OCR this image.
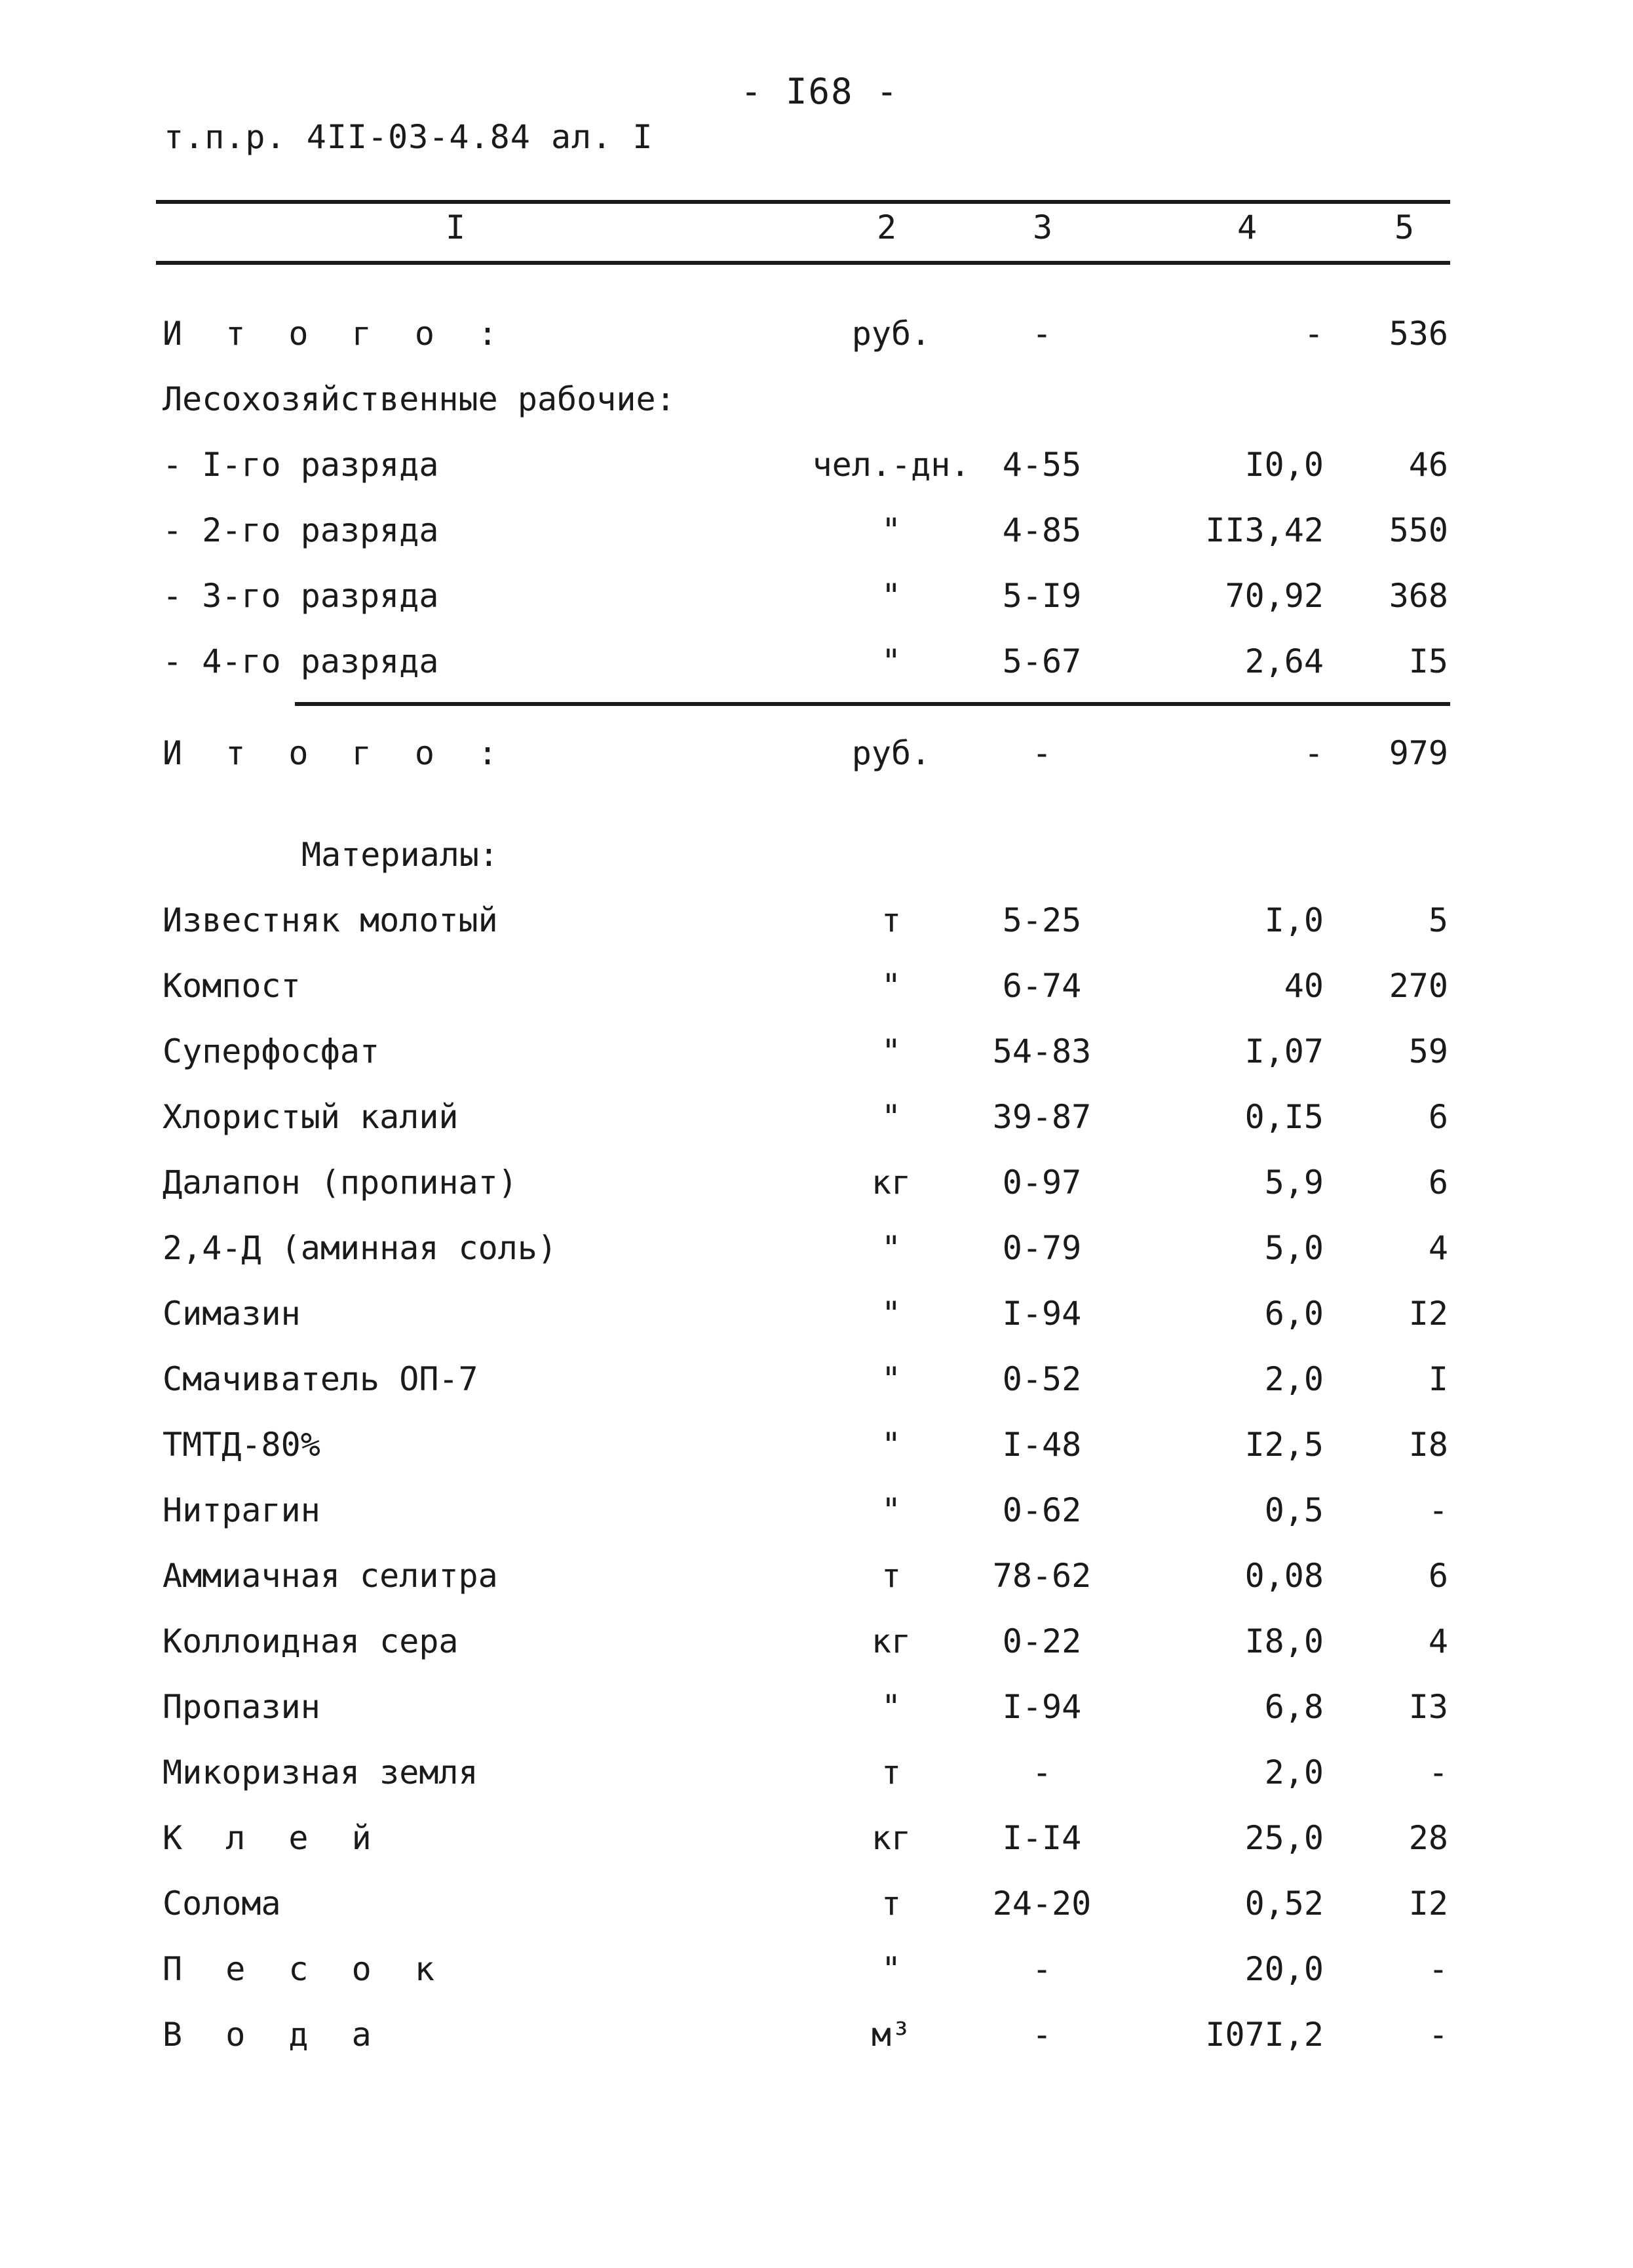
- I68 -
т.п.р. 4II-03-4.84 ал. I
I	2	3	4	5
И т о г о :	руб.	-	-	536
Лесохозяйственные рабочие:
- I-го разряда	чел.-дн. 4-55	I0,0	46
- 2-го разряда	"	4-85	II3,42	550
- 3-го разряда	"	5-I9	70,92	368
- 4-го разряда	"	5-67	2,64	I5
И т о г о :	руб.	-	-	979
Материалы:
Известняк молотый	т	5-25	I,0	5
Компост	"	6-74	40	270
Суперфосфат	"	54-83	I,07	59
Хлористый калий	"	39-87	0,I5	6
Далапон (пропинат)	кг	0-97	5,9	6
2,4-Д (аминная соль)	"	0-79	5,0	4
Симазин	"	I-94	6,0	I2
Смачиватель ОП-7	"	0-52	2,0	I
ТМТД-80%	"	I-48	I2,5	I8
Нитрагин	"	0-62	0,5	-
Аммиачная селитра	т	78-62	0,08	6
Коллоидная сера	кг	0-22	I8,0	4
Пропазин	"	I-94	6,8	I3
Микоризная земля	т	-	2,0	-
К л е й	кг	I-I4	25,0	28
Солома	т	24-20	0,52	I2
П е с о к	"	-	20,0	-
В о д а	м³	-	I07I,2	-
